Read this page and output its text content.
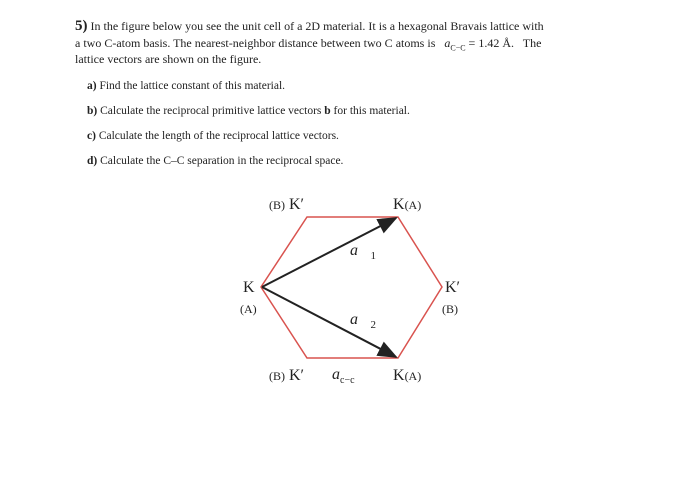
5) In the figure below you see the unit cell of a 2D material. It is a hexagonal Bravais lattice with
a two C-atom basis. The nearest-neighbor distance between two C atoms is $a_{C-C} = 1.42$ Å. The
lattice vectors are shown on the figure.
a) Find the lattice constant of this material.
b) Calculate the reciprocal primitive lattice vectors b for this material.
c) Calculate the length of the reciprocal lattice vectors.
d) Calculate the C–C separation in the reciprocal space.
(B) K′	K(A)
K
(A)
K′
(B)
(B) K′ $a_{c-c}$ K(A)
$a⃗_1$
$a⃗_2$
